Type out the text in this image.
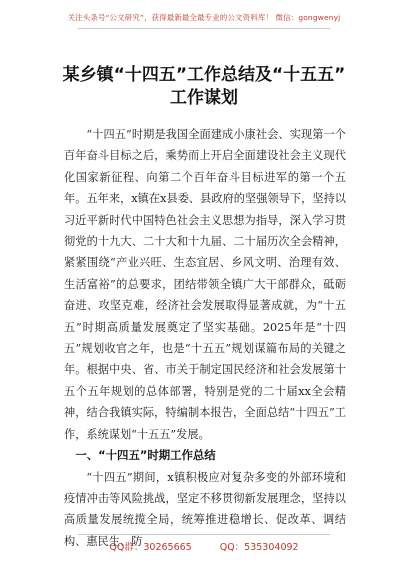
关注头条号“公文研究”，获得最新最全最专业的公文资料库！ 微信：gongwenyj
某乡镇“十四五”工作总结及“十五五”
工作谋划

“十四五”时期是我国全面建成小康社会、实现第一个百年奋斗目标之后，乘势而上开启全面建设社会主义现代化国家新征程、向第二个百年奋斗目标进军的第一个五年。五年来，x镇在x县委、县政府的坚强领导下，坚持以习近平新时代中国特色社会主义思想为指导，深入学习贯彻党的十九大、二十大和十九届、二十届历次全会精神，紧紧围绕“产业兴旺、生态宜居、乡风文明、治理有效、生活富裕”的总要求，团结带领全镇广大干部群众，砥砺奋进、攻坚克难，经济社会发展取得显著成就，为“十五五”时期高质量发展奠定了坚实基础。2025年是“十四五”规划收官之年，也是“十五五”规划谋篇布局的关键之年。根据中央、省、市关于制定国民经济和社会发展第十五个五年规划的总体部署，特别是党的二十届xx全会精神，结合我镇实际，特编制本报告，全面总结“十四五”工作，系统谋划“十五五”发展。

一、“十四五”时期工作总结

“十四五”期间，x镇积极应对复杂多变的外部环境和疫情冲击等风险挑战，坚定不移贯彻新发展理念，坚持以高质量发展统揽全局，统筹推进稳增长、促改革、调结构、惠民生、防

QQ群：30265665	QQ：535304092
